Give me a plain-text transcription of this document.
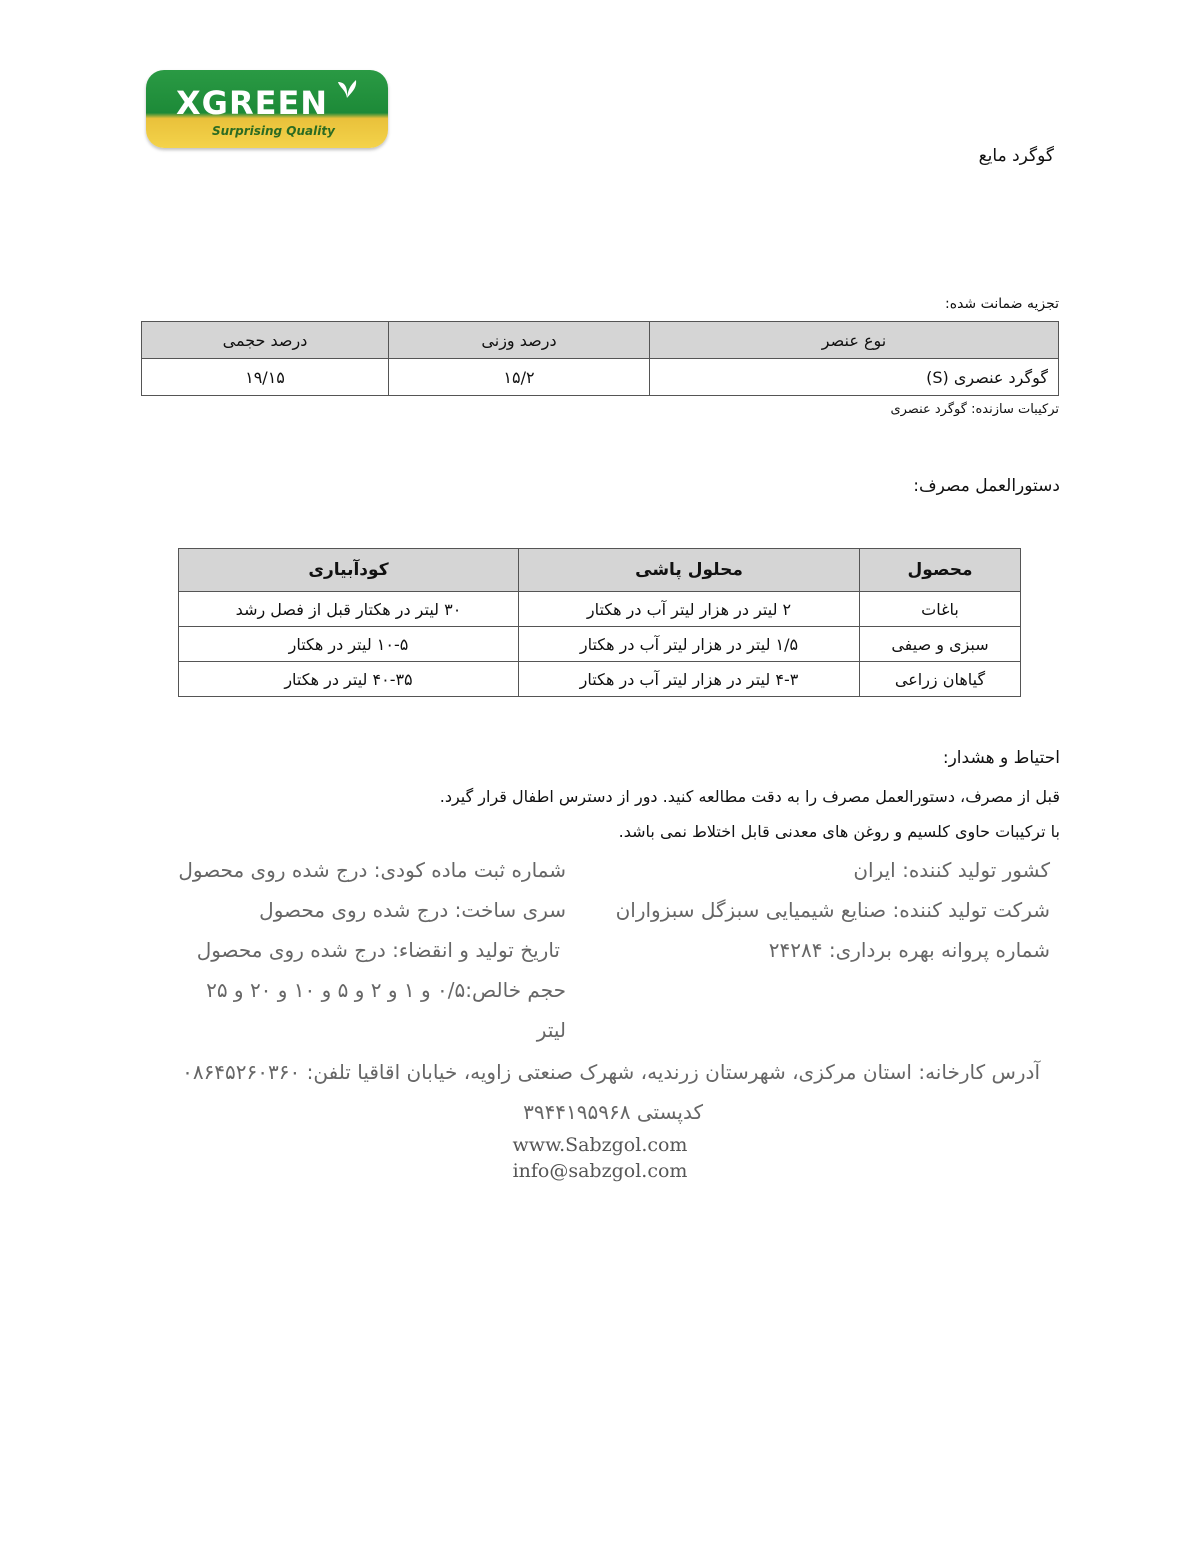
XGREEN
Surprising Quality
گوگرد مایع
تجزیه ضمانت شده:
نوع عنصر	درصد وزنی	درصد حجمی
گوگرد عنصری (S)	۱۵/۲	۱۹/۱۵
ترکیبات سازنده: گوگرد عنصری
دستورالعمل مصرف:
محصول	محلول پاشی	کودآبیاری
باغات	۲ لیتر در هزار لیتر آب در هکتار	۳۰ لیتر در هکتار قبل از فصل رشد
سبزی و صیفی	۱/۵ لیتر در هزار لیتر آب در هکتار	۱۰-۵ لیتر در هکتار
گیاهان زراعی	۴-۳ لیتر در هزار لیتر آب در هکتار	۴۰-۳۵ لیتر در هکتار
احتیاط و هشدار:
قبل از مصرف، دستورالعمل مصرف را به دقت مطالعه کنید. دور از دسترس اطفال قرار گیرد.
با ترکیبات حاوی کلسیم و روغن های معدنی قابل اختلاط نمی باشد.
کشور تولید کننده: ایران
شرکت تولید کننده: صنایع شیمیایی سبزگل سبزواران
شماره پروانه بهره برداری: ۲۴۲۸۴
شماره ثبت ماده کودی: درج شده روی محصول
سری ساخت: درج شده روی محصول
تاریخ تولید و انقضاء: درج شده روی محصول
حجم خالص:۰/۵ و ۱ و ۲ و ۵ و ۱۰ و ۲۰ و ۲۵
لیتر
آدرس کارخانه: استان مرکزی، شهرستان زرندیه، شهرک صنعتی زاویه، خیابان اقاقیا تلفن: ۰۸۶۴۵۲۶۰۳۶۰
کدپستی ۳۹۴۴۱۹۵۹۶۸
www.Sabzgol.com
info@sabzgol.com
